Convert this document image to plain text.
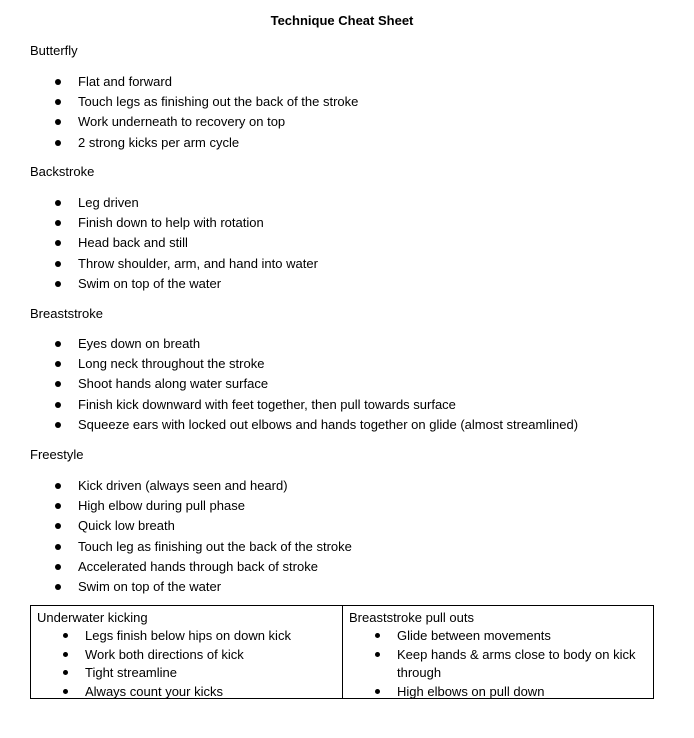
Technique Cheat Sheet
Butterfly
Flat and forward
Touch legs as finishing out the back of the stroke
Work underneath to recovery on top
2 strong kicks per arm cycle
Backstroke
Leg driven
Finish down to help with rotation
Head back and still
Throw shoulder, arm, and hand into water
Swim on top of the water
Breaststroke
Eyes down on breath
Long neck throughout the stroke
Shoot hands along water surface
Finish kick downward with feet together, then pull towards surface
Squeeze ears with locked out elbows and hands together on glide (almost streamlined)
Freestyle
Kick driven (always seen and heard)
High elbow during pull phase
Quick low breath
Touch leg as finishing out the back of the stroke
Accelerated hands through back of stroke
Swim on top of the water
Underwater kicking
Legs finish below hips on down kick
Work both directions of kick
Tight streamline
Always count your kicks
Breaststroke pull outs
Glide between movements
Keep hands & arms close to body on kick through
High elbows on pull down
